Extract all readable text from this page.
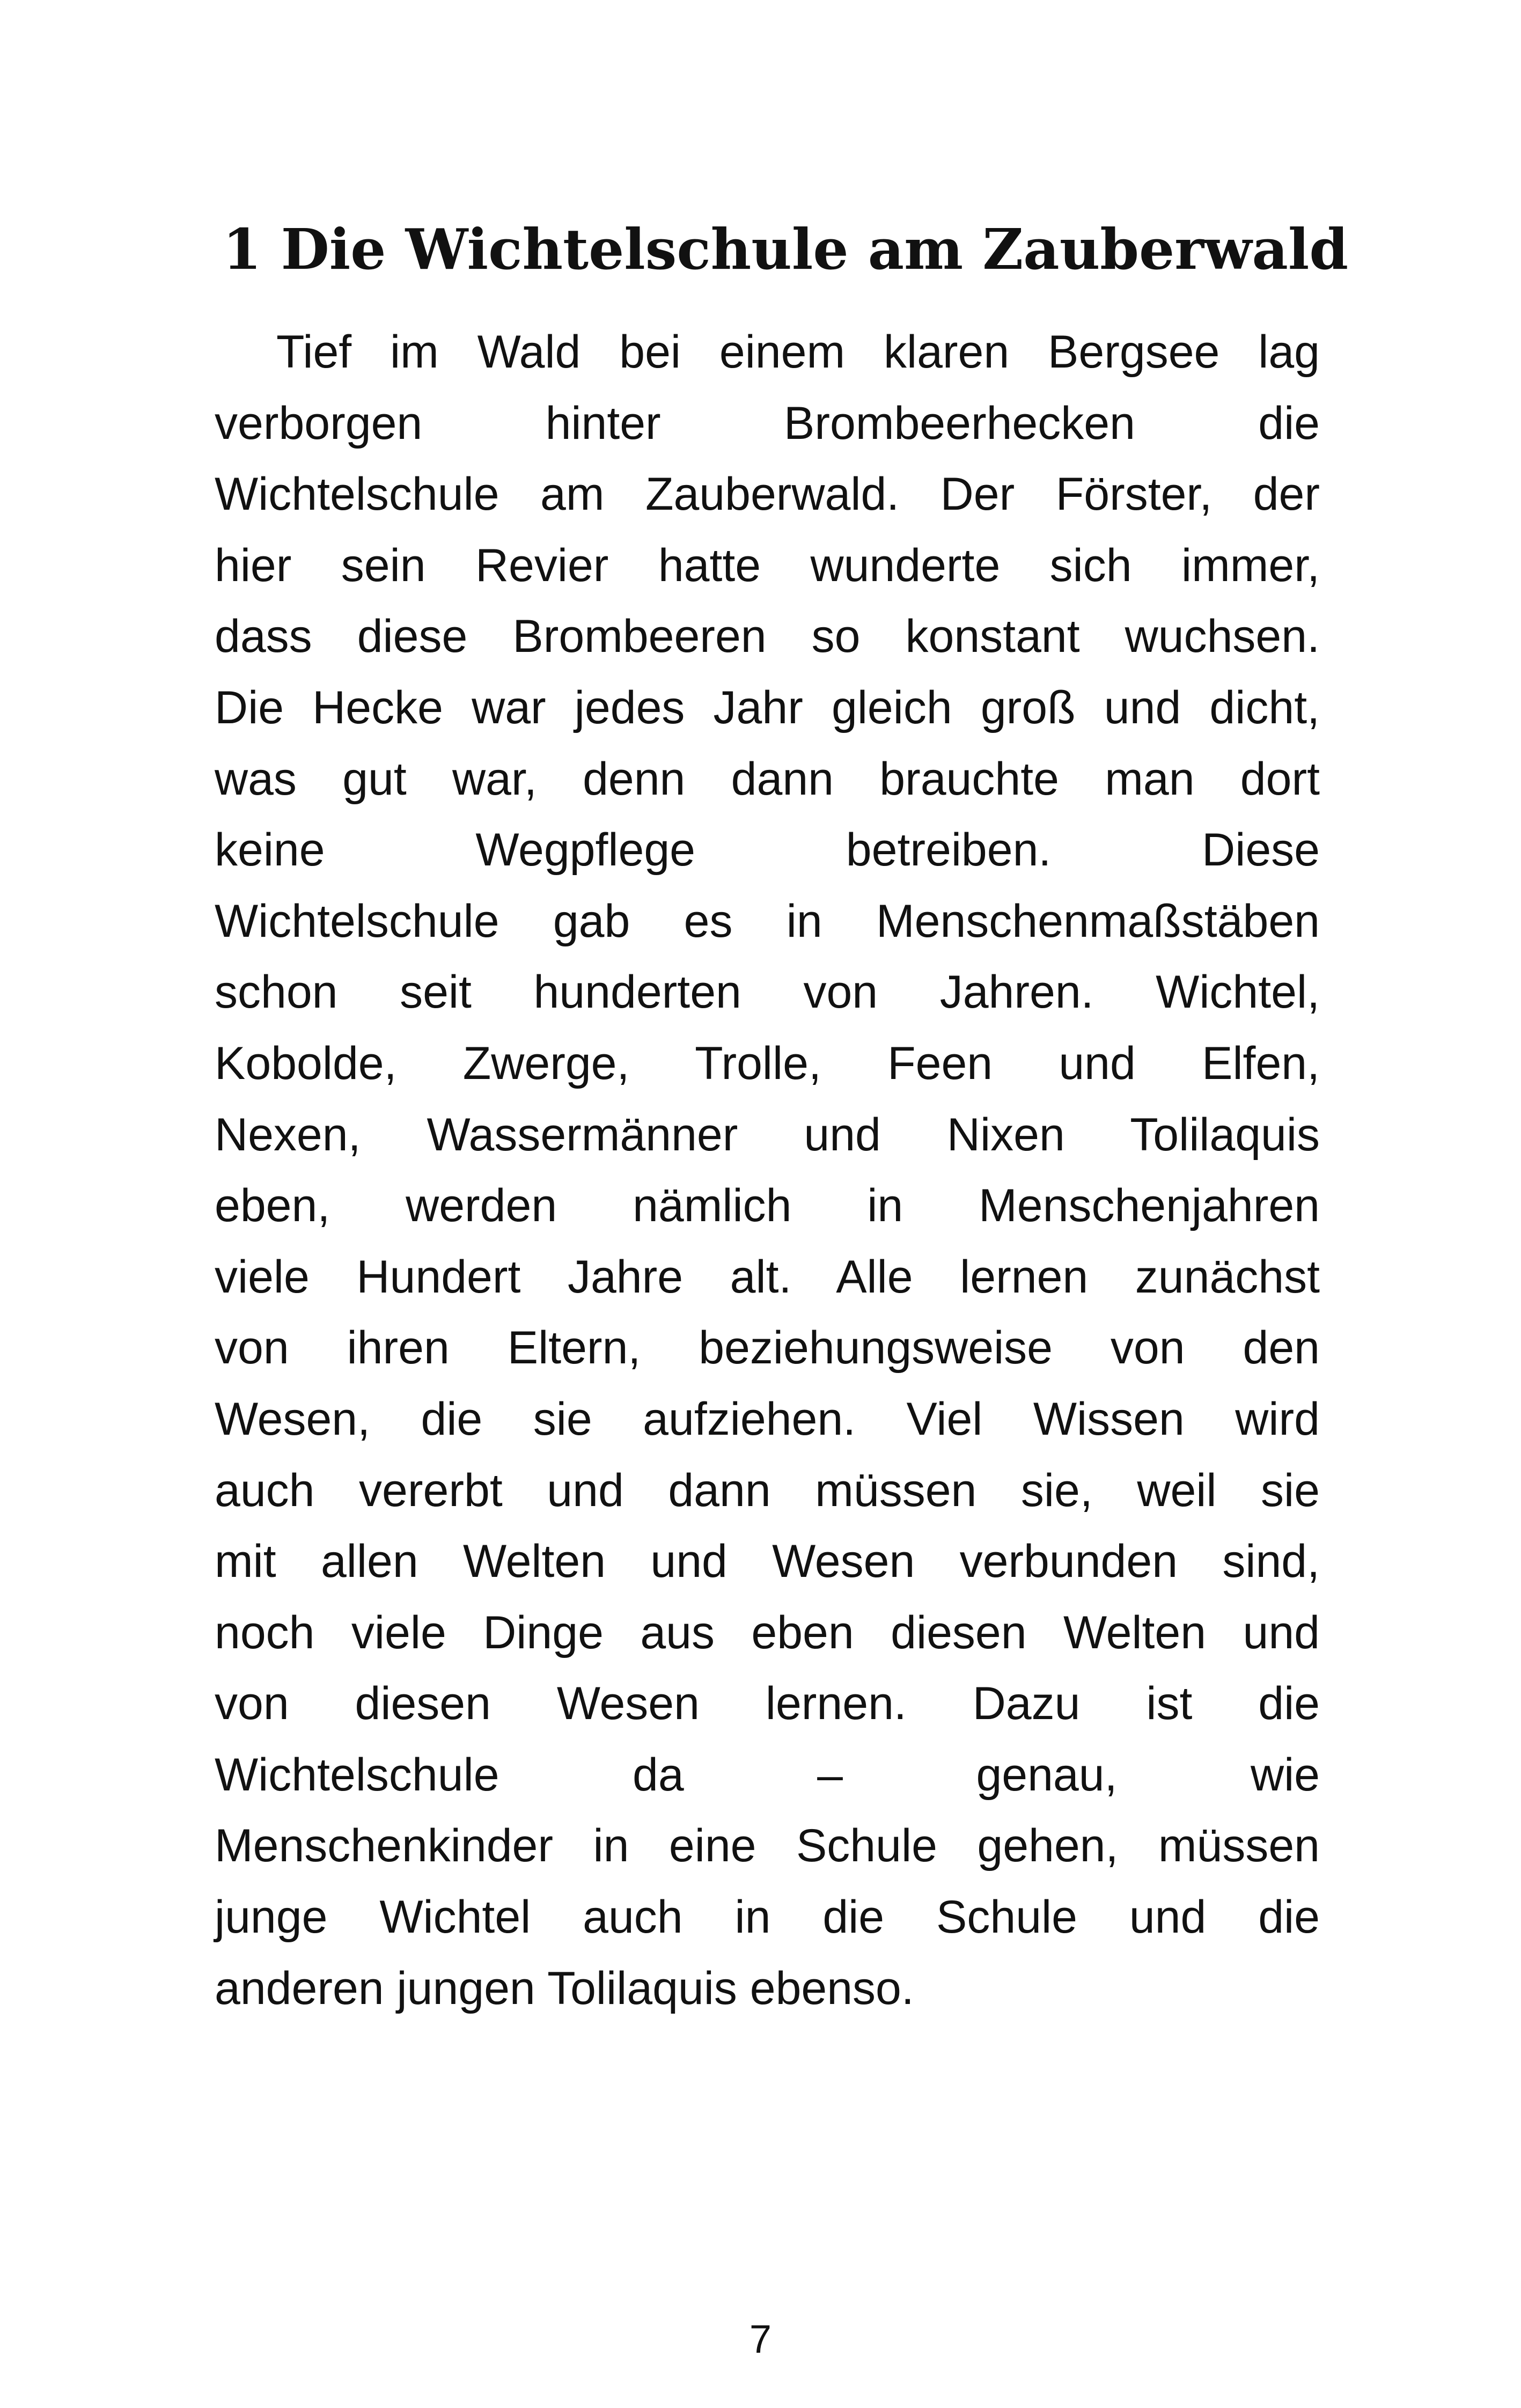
1 Die Wichtelschule am Zauberwald
Tief im Wald bei einem klaren Bergsee lag
verborgen hinter Brombeerhecken die
Wichtelschule am Zauberwald. Der Förster, der
hier sein Revier hatte wunderte sich immer,
dass diese Brombeeren so konstant wuchsen.
Die Hecke war jedes Jahr gleich groß und dicht,
was gut war, denn dann brauchte man dort
keine Wegpflege betreiben. Diese
Wichtelschule gab es in Menschenmaßstäben
schon seit hunderten von Jahren. Wichtel,
Kobolde, Zwerge, Trolle, Feen und Elfen,
Nexen, Wassermänner und Nixen Tolilaquis
eben, werden nämlich in Menschenjahren
viele Hundert Jahre alt. Alle lernen zunächst
von ihren Eltern, beziehungsweise von den
Wesen, die sie aufziehen. Viel Wissen wird
auch vererbt und dann müssen sie, weil sie
mit allen Welten und Wesen verbunden sind,
noch viele Dinge aus eben diesen Welten und
von diesen Wesen lernen. Dazu ist die
Wichtelschule da – genau, wie
Menschenkinder in eine Schule gehen, müssen
junge Wichtel auch in die Schule und die
anderen jungen Tolilaquis ebenso.
7
